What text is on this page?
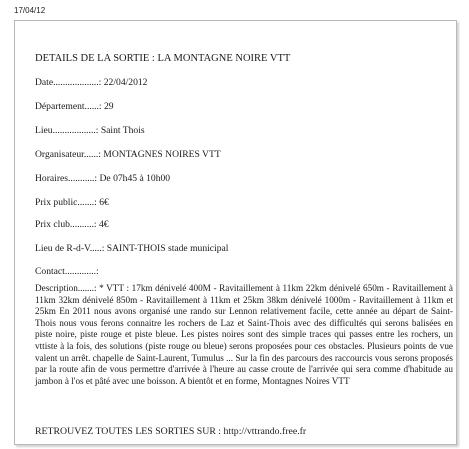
17/04/12
DETAILS DE LA SORTIE : LA MONTAGNE NOIRE VTT
Date...................: 22/04/2012
Département......: 29
Lieu..................: Saint Thois
Organisateur......: MONTAGNES NOIRES VTT
Horaires...........: De 07h45 à 10h00
Prix public.......: 6€
Prix club..........: 4€
Lieu de R-d-V.....: SAINT-THOIS stade municipal
Contact.............:
Description.......: * VTT : 17km dénivelé 400M - Ravitaillement à 11km 22km dénivelé 650m - Ravitaillement à 11km 32km dénivelé 850m - Ravitaillement à 11km et 25km 38km dénivelé 1000m - Ravitaillement à 11km et 25km En 2011 nous avons organisé une rando sur Lennon relativement facile, cette année au départ de Saint-Thois nous vous ferons connaitre les rochers de Laz et Saint-Thois avec des difficultés qui serons balisées en piste noire, piste rouge et piste bleue. Les pistes noires sont des simple traces qui passes entre les rochers, un vttiste à la fois, des solutions (piste rouge ou bleue) serons proposées pour ces obstacles. Plusieurs points de vue valent un arrêt. chapelle de Saint-Laurent, Tumulus ... Sur la fin des parcours des raccourcis vous serons proposés par la route afin de vous permettre d'arrivée à l'heure au casse croute de l'arrivée qui sera comme d'habitude au jambon à l'os et pâté avec une boisson. A bientôt et en forme, Montagnes Noires VTT
RETROUVEZ TOUTES LES SORTIES SUR : http://vttrando.free.fr
